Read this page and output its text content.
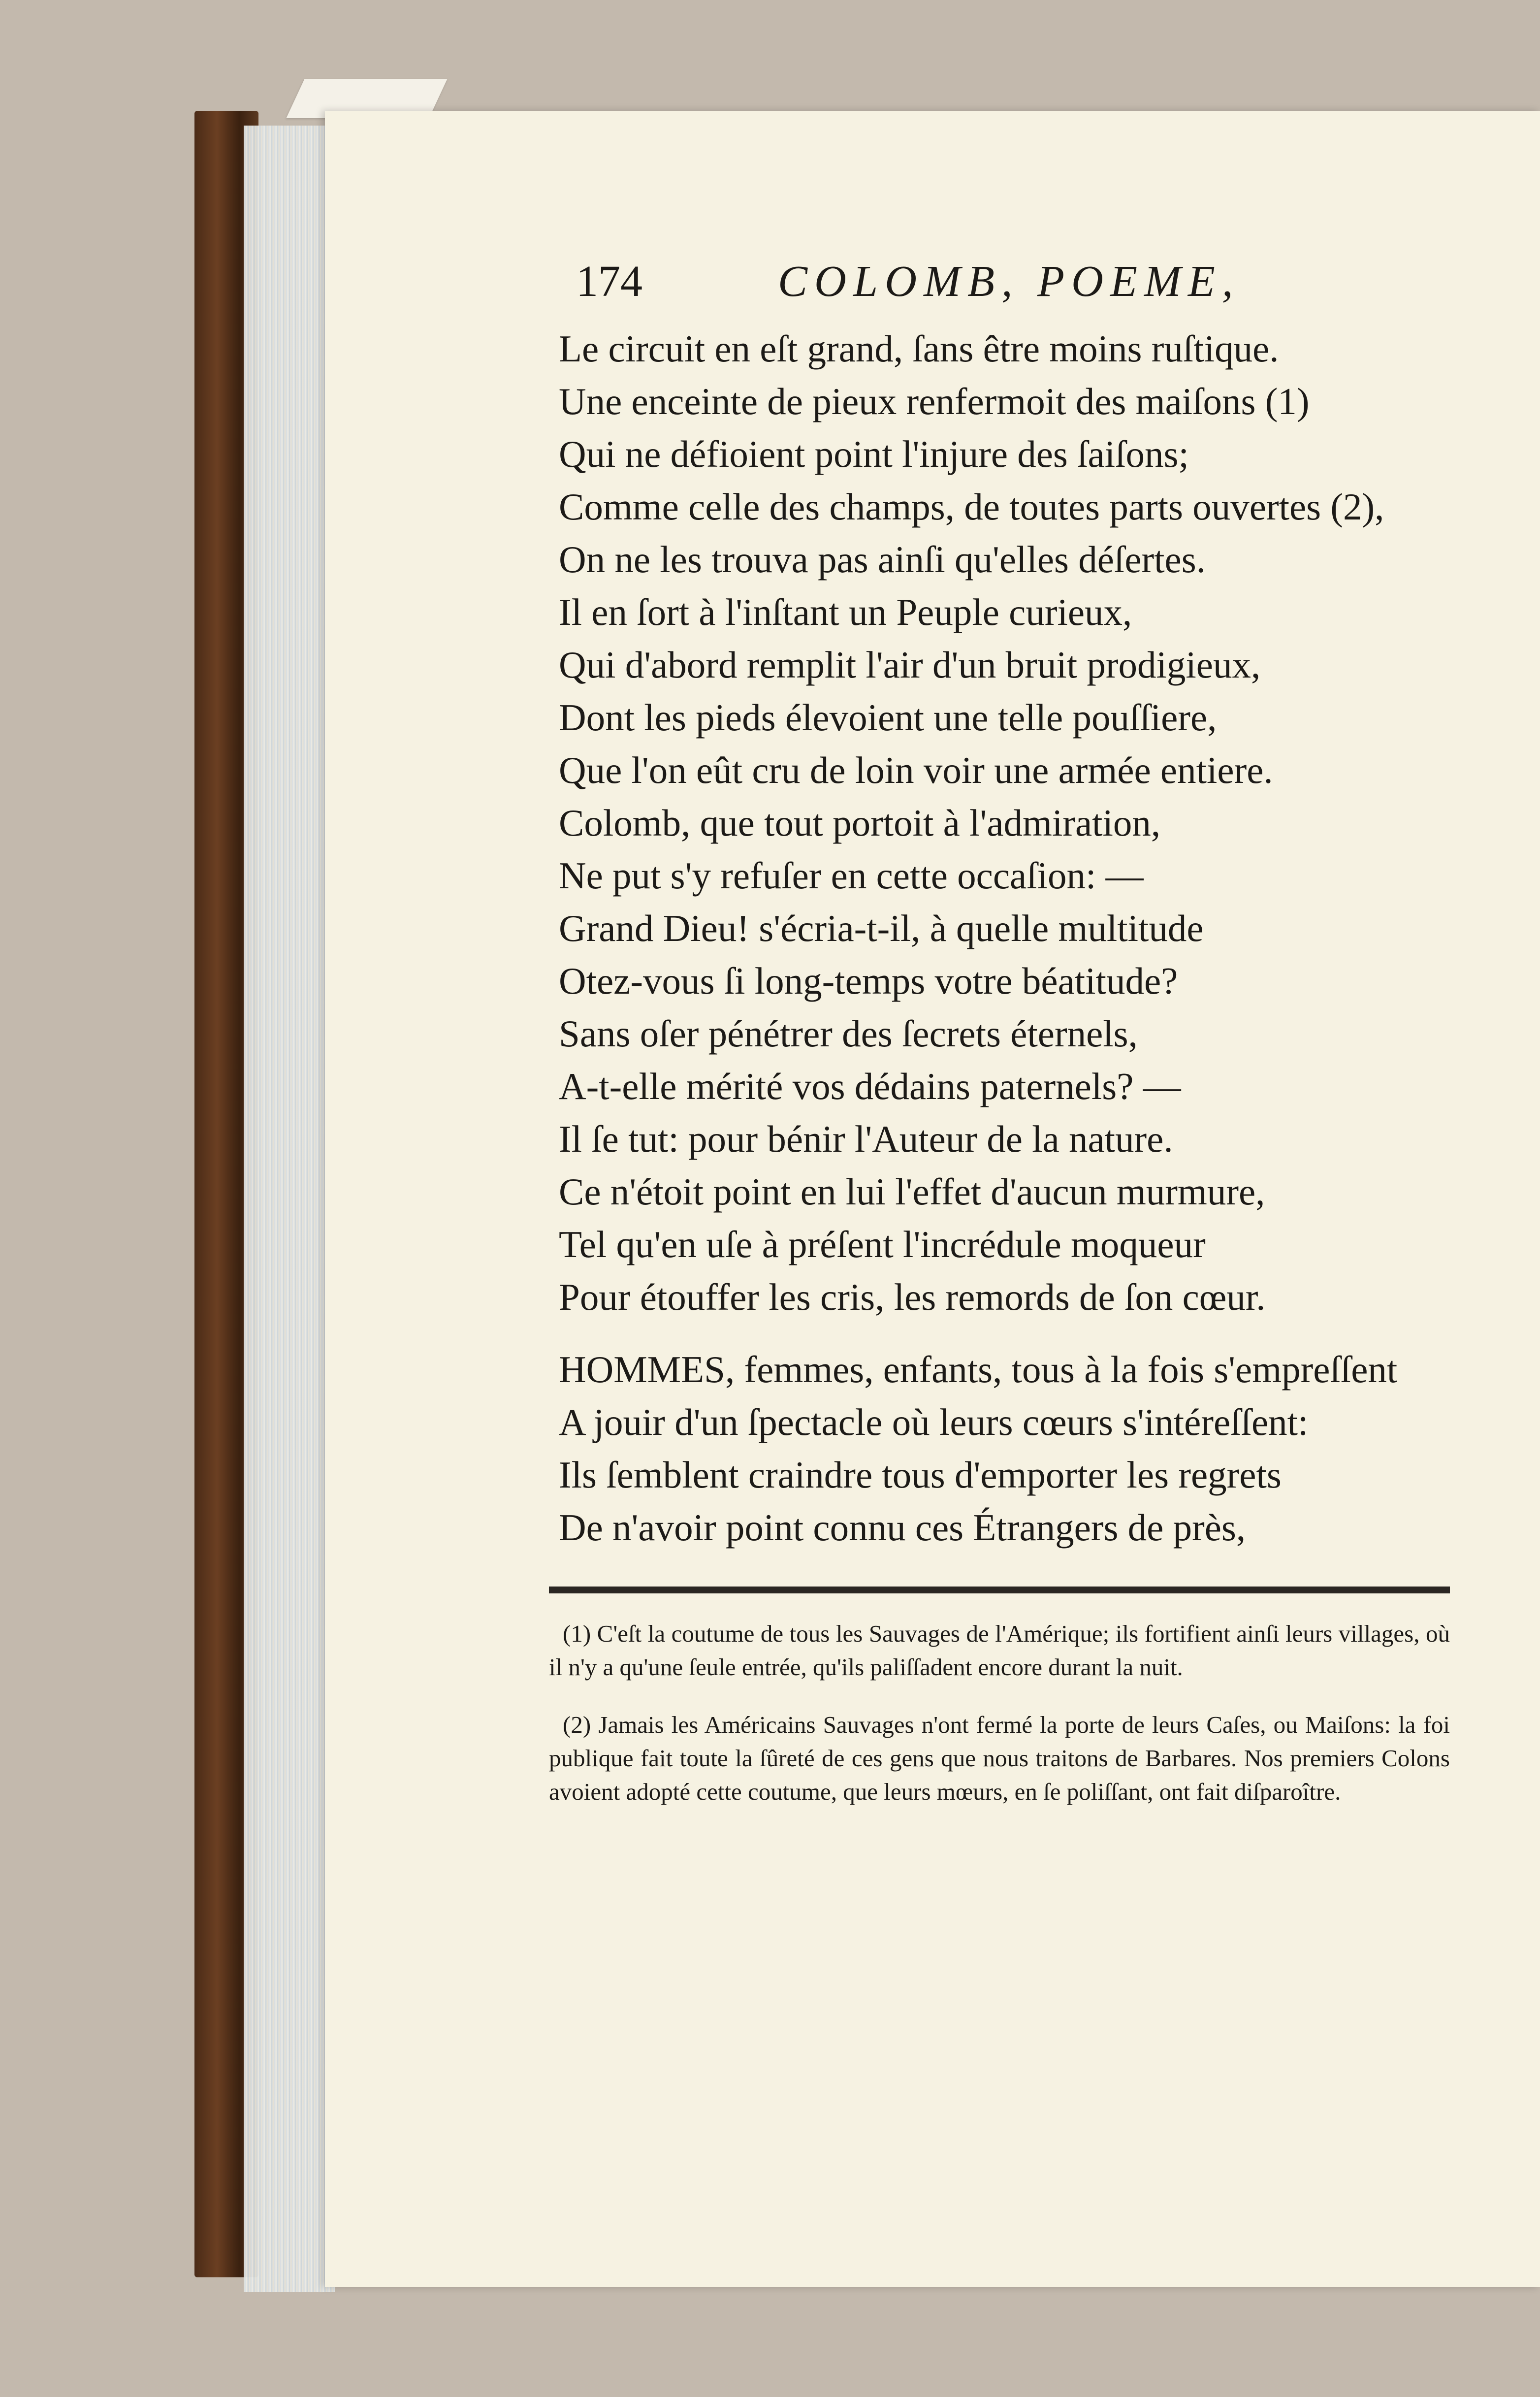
174	COLOMB, POEME,
Le circuit en eſt grand, ſans être moins ruſtique.
Une enceinte de pieux renfermoit des maiſons (1)
Qui ne défioient point l'injure des ſaiſons;
Comme celle des champs, de toutes parts ouvertes (2),
On ne les trouva pas ainſi qu'elles déſertes.
Il en ſort à l'inſtant un Peuple curieux,
Qui d'abord remplit l'air d'un bruit prodigieux,
Dont les pieds élevoient une telle pouſſiere,
Que l'on eût cru de loin voir une armée entiere.
Colomb, que tout portoit à l'admiration,
Ne put s'y refuſer en cette occaſion: —
Grand Dieu! s'écria-t-il, à quelle multitude
Otez-vous ſi long-temps votre béatitude?
Sans oſer pénétrer des ſecrets éternels,
A-t-elle mérité vos dédains paternels? —
Il ſe tut: pour bénir l'Auteur de la nature.
Ce n'étoit point en lui l'effet d'aucun murmure,
Tel qu'en uſe à préſent l'incrédule moqueur
Pour étouffer les cris, les remords de ſon cœur.
HOMMES, femmes, enfants, tous à la fois s'empreſſent
A jouir d'un ſpectacle où leurs cœurs s'intéreſſent:
Ils ſemblent craindre tous d'emporter les regrets
De n'avoir point connu ces Étrangers de près,

(1) C'eſt la coutume de tous les Sauvages de l'Amérique; ils fortifient ainſi leurs villages, où il n'y a qu'une ſeule entrée, qu'ils paliſſadent encore durant la nuit.

(2) Jamais les Américains Sauvages n'ont fermé la porte de leurs Caſes, ou Maiſons: la foi publique fait toute la ſûreté de ces gens que nous traitons de Barbares. Nos premiers Colons avoient adopté cette coutume, que leurs mœurs, en ſe poliſſant, ont fait diſparoître.
